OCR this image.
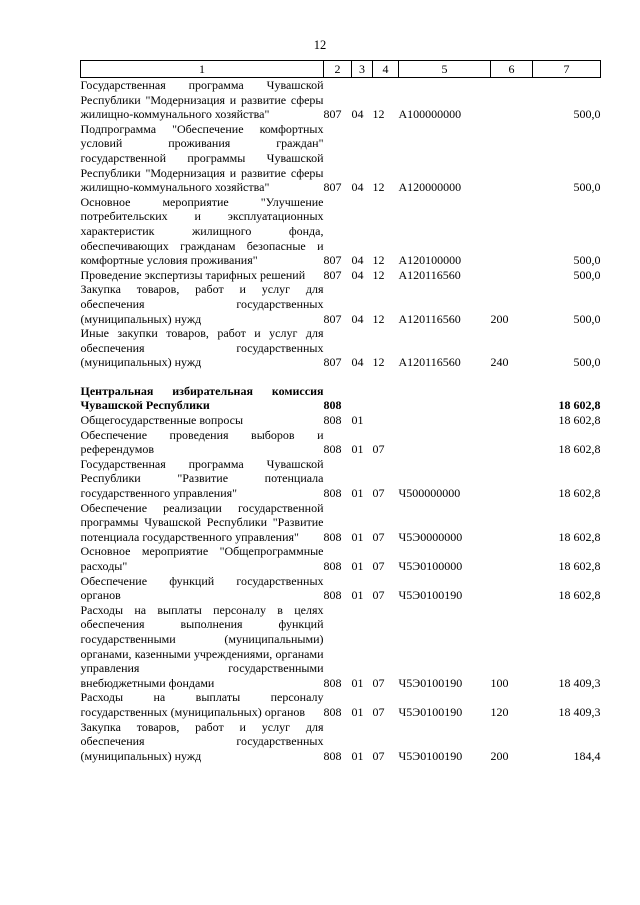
12
1	2	3	4	5	6	7
Государственная программа Чувашской Республики "Модернизация и развитие сферы жилищно-коммунального хозяйства"	807	04	12	А100000000		500,0
Подпрограмма "Обеспечение комфортных условий проживания граждан" государственной программы Чувашской Республики "Модернизация и развитие сферы жилищно-коммунального хозяйства"	807	04	12	А120000000		500,0
Основное мероприятие "Улучшение потребительских и эксплуатационных характеристик жилищного фонда, обеспечивающих гражданам безопасные и комфортные условия проживания"	807	04	12	А120100000		500,0
Проведение экспертизы тарифных решений	807	04	12	А120116560		500,0
Закупка товаров, работ и услуг для обеспечения государственных (муниципальных) нужд	807	04	12	А120116560	200	500,0
Иные закупки товаров, работ и услуг для обеспечения государственных (муниципальных) нужд	807	04	12	А120116560	240	500,0

Центральная избирательная комиссия Чувашской Республики	808					18 602,8
Общегосударственные вопросы	808	01				18 602,8
Обеспечение проведения выборов и референдумов	808	01	07			18 602,8
Государственная программа Чувашской Республики "Развитие потенциала государственного управления"	808	01	07	Ч500000000		18 602,8
Обеспечение реализации государственной программы Чувашской Республики "Развитие потенциала государственного управления"	808	01	07	Ч5Э0000000		18 602,8
Основное мероприятие "Общепрограммные расходы"	808	01	07	Ч5Э0100000		18 602,8
Обеспечение функций государственных органов	808	01	07	Ч5Э0100190		18 602,8
Расходы на выплаты персоналу в целях обеспечения выполнения функций государственными (муниципальными) органами, казенными учреждениями, органами управления государственными внебюджетными фондами	808	01	07	Ч5Э0100190	100	18 409,3
Расходы на выплаты персоналу государственных (муниципальных) органов	808	01	07	Ч5Э0100190	120	18 409,3
Закупка товаров, работ и услуг для обеспечения государственных (муниципальных) нужд	808	01	07	Ч5Э0100190	200	184,4
